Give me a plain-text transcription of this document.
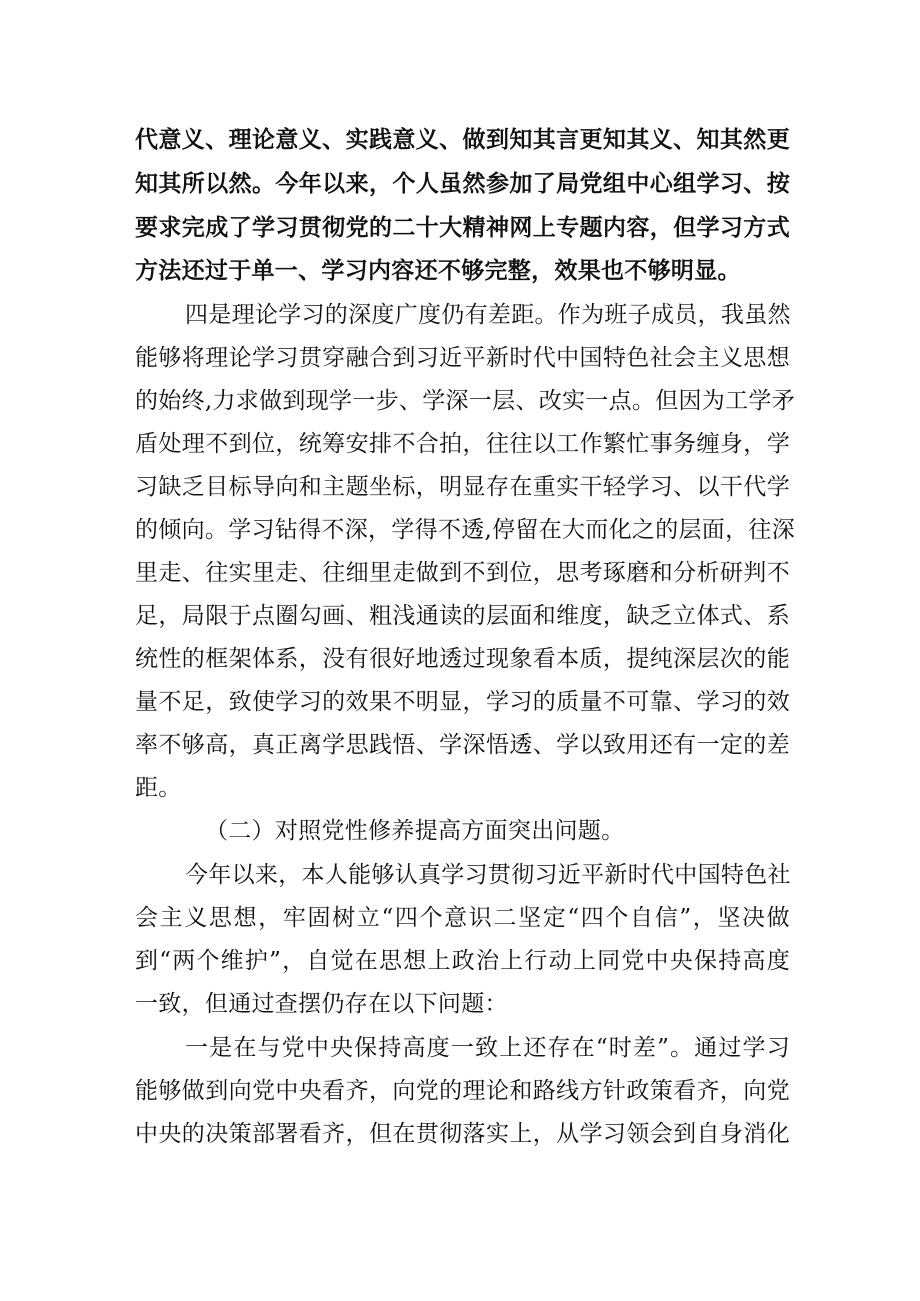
代意义、理论意义、实践意义、做到知其言更知其义、知其然更
知其所以然。今年以来，个人虽然参加了局党组中心组学习、按
要求完成了学习贯彻党的二十大精神网上专题内容，但学习方式
方法还过于单一、学习内容还不够完整，效果也不够明显。
四是理论学习的深度广度仍有差距。作为班子成员，我虽然
能够将理论学习贯穿融合到习近平新时代中国特色社会主义思想
的始终,力求做到现学一步、学深一层、改实一点。但因为工学矛
盾处理不到位，统筹安排不合拍，往往以工作繁忙事务缠身，学
习缺乏目标导向和主题坐标，明显存在重实干轻学习、以干代学
的倾向。学习钻得不深，学得不透,停留在大而化之的层面，往深
里走、往实里走、往细里走做到不到位，思考琢磨和分析研判不
足，局限于点圈勾画、粗浅通读的层面和维度，缺乏立体式、系
统性的框架体系，没有很好地透过现象看本质，提纯深层次的能
量不足，致使学习的效果不明显，学习的质量不可靠、学习的效
率不够高，真正离学思践悟、学深悟透、学以致用还有一定的差
距。
（二）对照党性修养提高方面突出问题。
今年以来，本人能够认真学习贯彻习近平新时代中国特色社
会主义思想，牢固树立“四个意识二坚定“四个自信”，坚决做
到“两个维护”，自觉在思想上政治上行动上同党中央保持高度
一致，但通过查摆仍存在以下问题：
一是在与党中央保持高度一致上还存在“时差”。通过学习
能够做到向党中央看齐，向党的理论和路线方针政策看齐，向党
中央的决策部署看齐，但在贯彻落实上，从学习领会到自身消化
